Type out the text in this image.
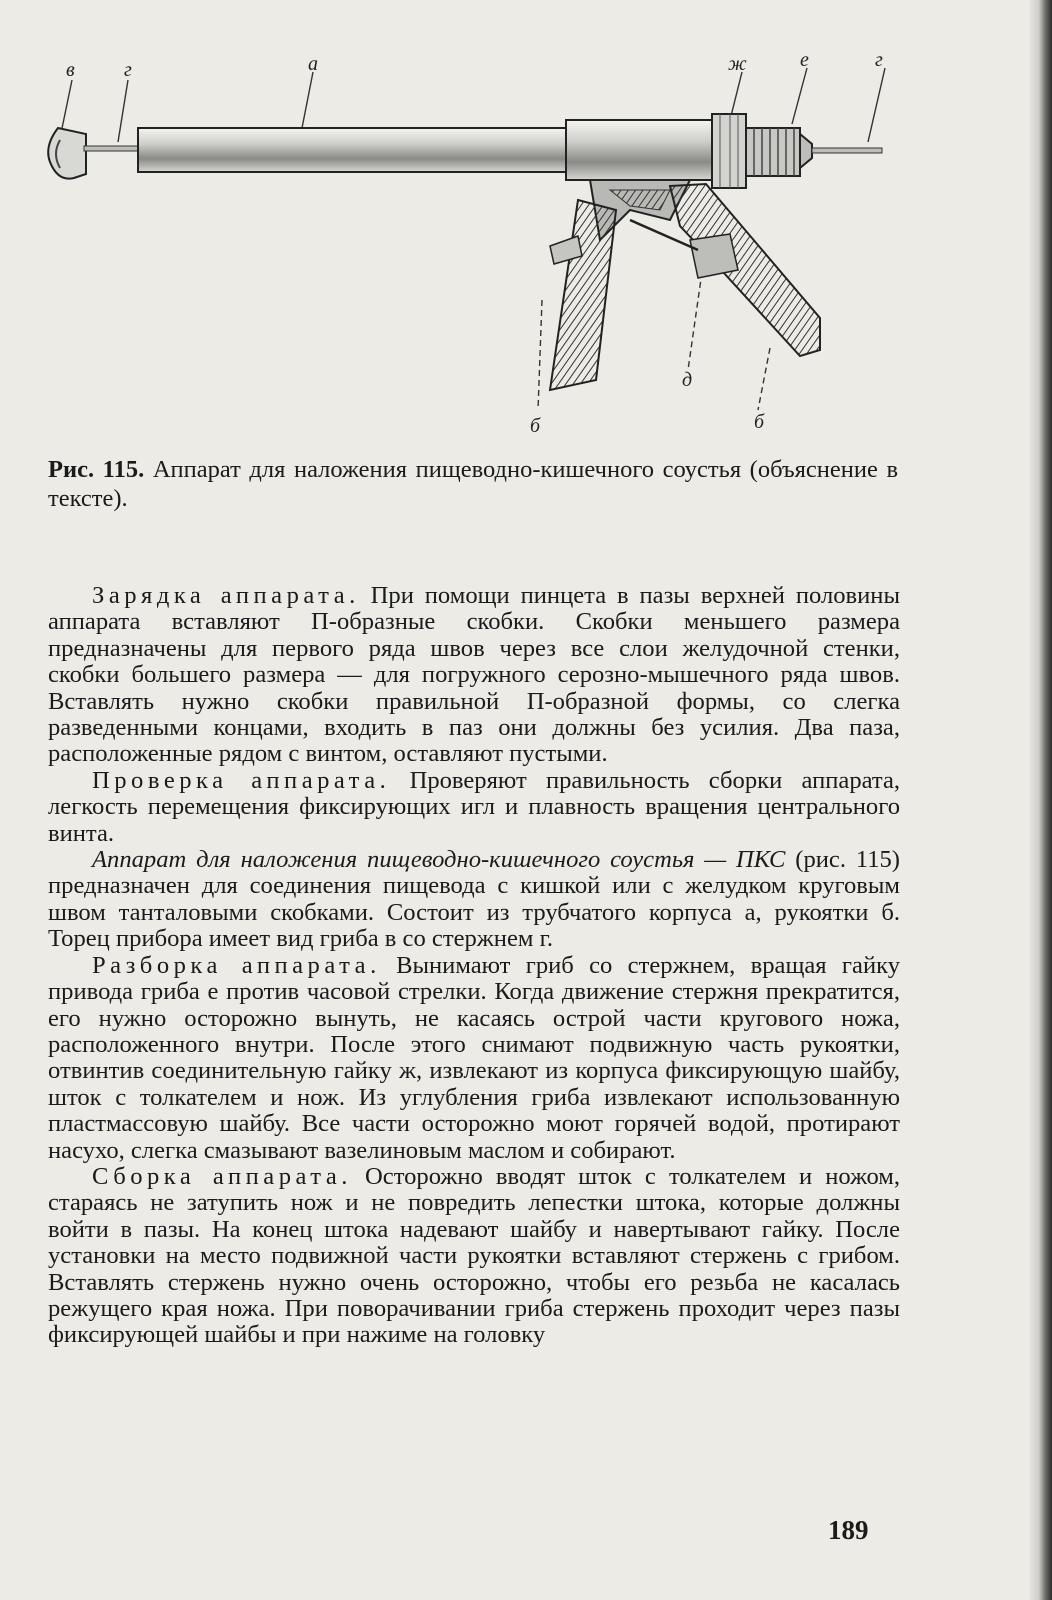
в г	а	ж	е	г
д
б
б
Рис. 115. Аппарат для наложения пищеводно-кишечного соустья (объяснение в тексте).

Зарядка аппарата. При помощи пинцета в пазы верхней половины аппарата вставляют П-образные скобки. Скобки меньшего размера предназначены для первого ряда швов через все слои желудочной стенки, скобки большего размера — для погружного серозно-мышечного ряда швов. Вставлять нужно скобки правильной П-образной формы, со слегка разведенными концами, входить в паз они должны без усилия. Два паза, расположенные рядом с винтом, оставляют пустыми.

Проверка аппарата. Проверяют правильность сборки аппарата, легкость перемещения фиксирующих игл и плавность вращения центрального винта.

Аппарат для наложения пищеводно-кишечного соустья — ПКС (рис. 115) предназначен для соединения пищевода с кишкой или с желудком круговым швом танталовыми скобками. Состоит из трубчатого корпуса а, рукоятки б. Торец прибора имеет вид гриба в со стержнем г.

Разборка аппарата. Вынимают гриб со стержнем, вращая гайку привода гриба е против часовой стрелки. Когда движение стержня прекратится, его нужно осторожно вынуть, не касаясь острой части кругового ножа, расположенного внутри. После этого снимают подвижную часть рукоятки, отвинтив соединительную гайку ж, извлекают из корпуса фиксирующую шайбу, шток с толкателем и нож. Из углубления гриба извлекают использованную пластмассовую шайбу. Все части осторожно моют горячей водой, протирают насухо, слегка смазывают вазелиновым маслом и собирают.

Сборка аппарата. Осторожно вводят шток с толкателем и ножом, стараясь не затупить нож и не повредить лепестки штока, которые должны войти в пазы. На конец штока надевают шайбу и навертывают гайку. После установки на место подвижной части рукоятки вставляют стержень с грибом. Вставлять стержень нужно очень осторожно, чтобы его резьба не касалась режущего края ножа. При поворачивании гриба стержень проходит через пазы фиксирующей шайбы и при нажиме на головку

189
